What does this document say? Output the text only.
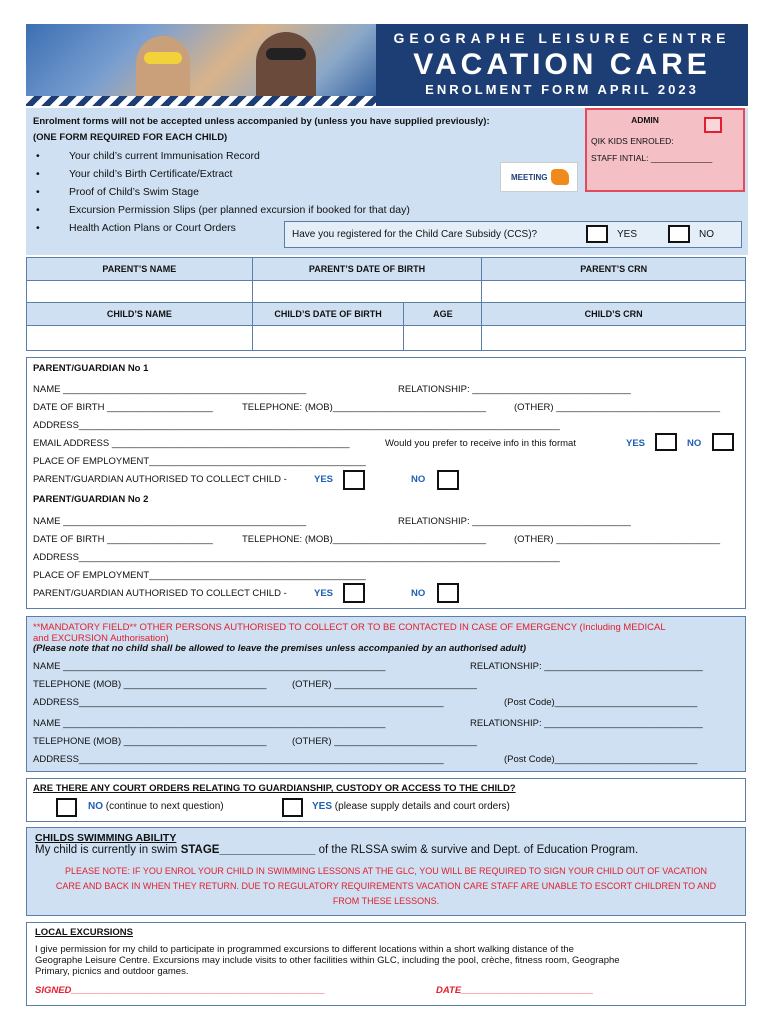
GEOGRAPHE LEISURE CENTRE
VACATION CARE
ENROLMENT FORM APRIL 2023
Enrolment forms will not be accepted unless accompanied by (unless you have supplied previously):
(ONE FORM REQUIRED FOR EACH CHILD)
• Your child’s current Immunisation Record
• Your child’s Birth Certificate/Extract
• Proof of Child’s Swim Stage
• Excursion Permission Slips (per planned excursion if booked for that day)
• Health Action Plans or Court Orders
MEETING
ADMIN
QIK KIDS ENROLED:
STAFF INTIAL: _____________
Have you registered for the Child Care Subsidy (CCS)?	YES	NO
PARENT’S NAME	PARENT’S DATE OF BIRTH		PARENT’S CRN

CHILD’S NAME	CHILD’S DATE OF BIRTH	AGE	CHILD’S CRN

PARENT/GUARDIAN No 1
NAME ______________________________________________	RELATIONSHIP: ______________________________
DATE OF BIRTH ____________________	TELEPHONE: (MOB)_____________________________	(OTHER) _______________________________
ADDRESS___________________________________________________________________________________________
EMAIL ADDRESS _____________________________________________	Would you prefer to receive info in this format	YES	NO
PLACE OF EMPLOYMENT_________________________________________
PARENT/GUARDIAN AUTHORISED TO COLLECT CHILD -	YES	NO
PARENT/GUARDIAN No 2
NAME ______________________________________________	RELATIONSHIP: ______________________________
DATE OF BIRTH ____________________	TELEPHONE: (MOB)_____________________________	(OTHER) _______________________________
ADDRESS___________________________________________________________________________________________
PLACE OF EMPLOYMENT_________________________________________
PARENT/GUARDIAN AUTHORISED TO COLLECT CHILD -	YES	NO
**MANDATORY FIELD** OTHER PERSONS AUTHORISED TO COLLECT OR TO BE CONTACTED IN CASE OF EMERGENCY (Including MEDICAL
and EXCURSION Authorisation)
(Please note that no child shall be allowed to leave the premises unless accompanied by an authorised adult)
NAME _____________________________________________________________	RELATIONSHIP: ______________________________
TELEPHONE (MOB) ___________________________	(OTHER) ___________________________
ADDRESS_____________________________________________________________________	(Post Code)___________________________
NAME _____________________________________________________________	RELATIONSHIP: ______________________________
TELEPHONE (MOB) ___________________________	(OTHER) ___________________________
ADDRESS_____________________________________________________________________	(Post Code)___________________________
ARE THERE ANY COURT ORDERS RELATING TO GUARDIANSHIP, CUSTODY OR ACCESS TO THE CHILD?
NO (continue to next question)	YES (please supply details and court orders)
CHILDS SWIMMING ABILITY
My child is currently in swim STAGE_______________ of the RLSSA swim & survive and Dept. of Education Program.
PLEASE NOTE: IF YOU ENROL YOUR CHILD IN SWIMMING LESSONS AT THE GLC, YOU WILL BE REQUIRED TO SIGN YOUR CHILD OUT OF VACATION
CARE AND BACK IN WHEN THEY RETURN. DUE TO REGULATORY REQUIREMENTS VACATION CARE STAFF ARE UNABLE TO ESCORT CHILDREN TO AND
FROM THESE LESSONS.
LOCAL EXCURSIONS
I give permission for my child to participate in programmed excursions to different locations within a short walking distance of the
Geographe Leisure Centre. Excursions may include visits to other facilities within GLC, including the pool, crèche, fitness room, Geographe
Primary, picnics and outdoor games.
SIGNED________________________________________________	DATE_________________________
